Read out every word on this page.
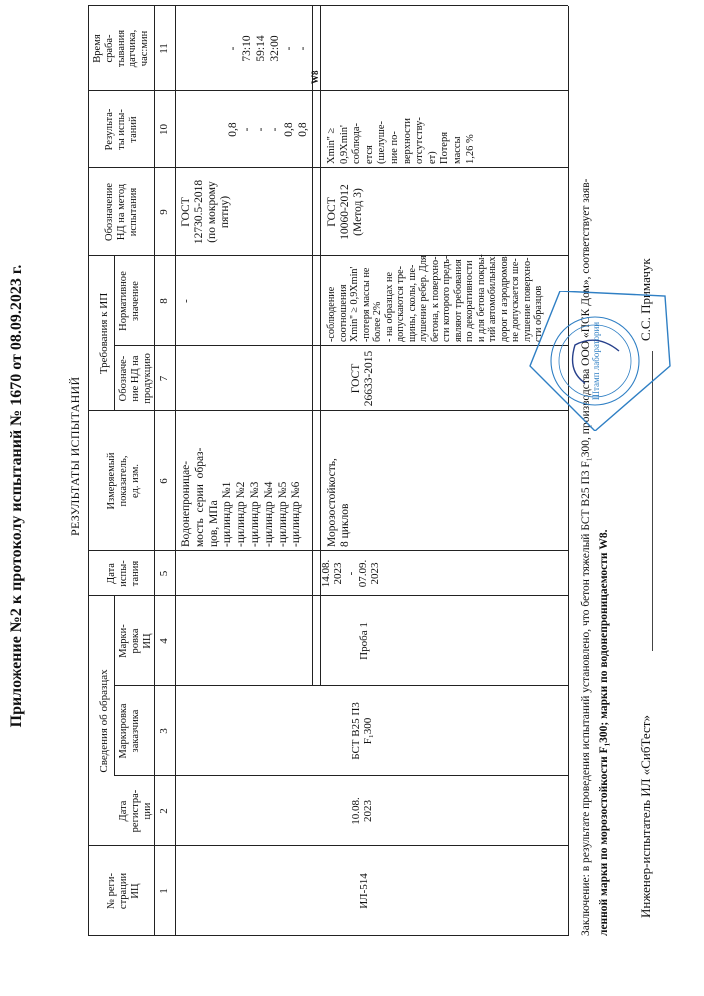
Приложение №2 к протоколу испытаний № 1670 от 08.09.2023 г.	РЕЗУЛЬТАТЫ ИСПЫТАНИЙ
Сведения об образцах
Требования к ИП
№ реги-
страции
ИЦ
Дата
регистра-
ции
Маркировка
заказчика
Марки-
ровка
ИЦ
Дата
испы-
тания
Измеряемый
показатель,
ед. изм.
Обозначе-
ние НД на
продукцию
Нормативное
значение
Обозначение
НД на метод
испытания
Результа-
ты испы-
таний
Время
сраба-
тывания
датчика,
час:мин
1
2
3
4
5
6
7
8
9
10
11
ИЛ-514
10.08.
2023
БСТ В25 П3
F₁300
Проба 1
14.08.
2023
-
07.09.
2023
Водонепроницае-
мость  серии  образ-
цов, МПа
-цилиндр №1
-цилиндр №2
-цилиндр №3
-цилиндр №4
-цилиндр №5
-цилиндр №6
-
ГОСТ
12730.5-2018
(по мокрому
пятну)
0,8 - - - 0,8 0,8
- 73:10 59:14 32:00 - -
W8
Морозостойкость,
8 циклов
ГОСТ
26633-2015
-соблюдение
соотношения
Xmin'' ≥ 0,9Xmin'
-потеря массы не
более 2%
- на образцах не
допускаются тре-
щины, сколы, ше-
лушение ребер. Для
бетона, к поверхно-
сти которого предъ-
являют требования
по декоративности
и для бетона покры-
тий автомобильных
дорог и аэродромов
не допускается ше-
лушение поверхно-
сти образцов
ГОСТ
10060-2012
(Метод 3)
Xmin'' ≥
0,9Xmin'
соблюда-
ется
(шелуше-
ние по-
верхности
отсутству-
ет)
Потеря
массы
1,26 %
Заключение: в результате проведения испытаний установлено, что бетон тяжелый БСТ В25 П3 F₁300, производства ООО «ПСК Дом», соответствует заяв- ленной марки по морозостойкости F₁300; марки по водонепроницаемости W8. Инженер-испытатель ИЛ «СибТест»
С.С. Примачук
Штамп лаборатории
